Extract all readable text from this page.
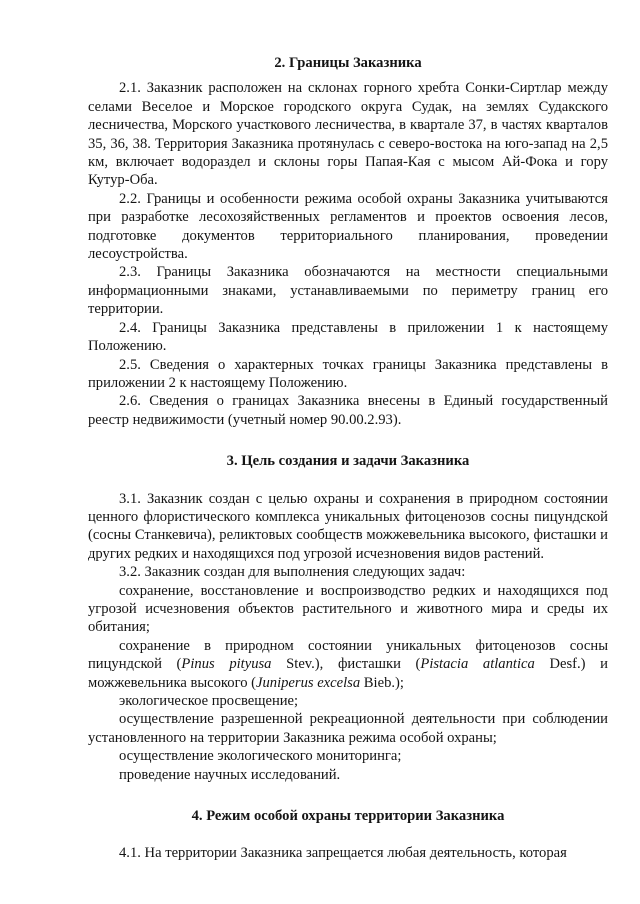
2. Границы Заказника

2.1. Заказник расположен на склонах горного хребта Сонки-Сиртлар между селами Веселое и Морское городского округа Судак, на землях Судакского лесничества, Морского участкового лесничества, в квартале 37, в частях кварталов 35, 36, 38. Территория Заказника протянулась с северо-востока на юго-запад на 2,5 км, включает водораздел и склоны горы Папая-Кая с мысом Ай-Фока и гору Кутур-Оба.

2.2. Границы и особенности режима особой охраны Заказника учитываются при разработке лесохозяйственных регламентов и проектов освоения лесов, подготовке документов территориального планирования, проведении лесоустройства.

2.3. Границы Заказника обозначаются на местности специальными информационными знаками, устанавливаемыми по периметру границ его территории.

2.4. Границы Заказника представлены в приложении 1 к настоящему Положению.

2.5. Сведения о характерных точках границы Заказника представлены в приложении 2 к настоящему Положению.

2.6. Сведения о границах Заказника внесены в Единый государственный реестр недвижимости (учетный номер 90.00.2.93).

3. Цель создания и задачи Заказника

3.1. Заказник создан с целью охраны и сохранения в природном состоянии ценного флористического комплекса уникальных фитоценозов сосны пицундской (сосны Станкевича), реликтовых сообществ можжевельника высокого, фисташки и других редких и находящихся под угрозой исчезновения видов растений.

3.2. Заказник создан для выполнения следующих задач:

сохранение, восстановление и воспроизводство редких и находящихся под угрозой исчезновения объектов растительного и животного мира и среды их обитания;

сохранение в природном состоянии уникальных фитоценозов сосны пицундской (Pinus pityusa Stev.), фисташки (Pistacia atlantica Desf.) и можжевельника высокого (Juniperus excelsa Bieb.);

экологическое просвещение;

осуществление разрешенной рекреационной деятельности при соблюдении установленного на территории Заказника режима особой охраны;

осуществление экологического мониторинга;

проведение научных исследований.

4. Режим особой охраны территории Заказника

4.1. На территории Заказника запрещается любая деятельность, которая
